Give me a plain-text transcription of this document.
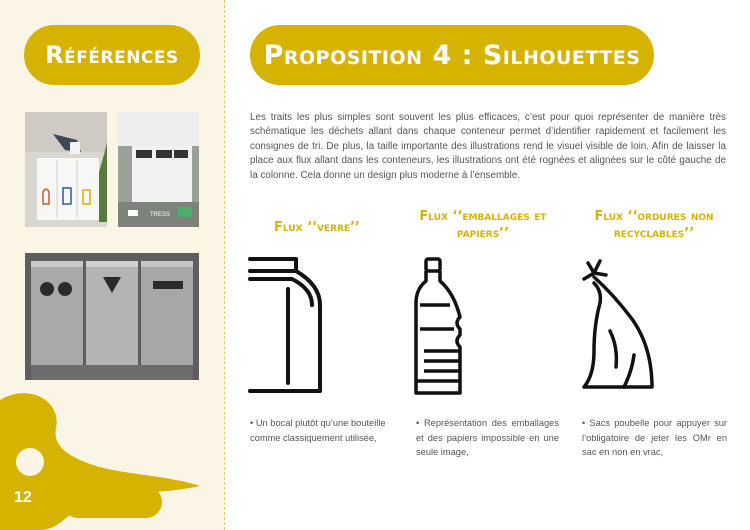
Références
TRESS
12
Proposition 4 : Silhouettes

Les traits les plus simples sont souvent les plus efficaces, c’est pour quoi représenter de manière très schématique les déchets allant dans chaque conteneur permet d’identifier rapidement et facilement les consignes de tri. De plus, la taille importante des illustrations rend le visuel visible de loin. Afin de laisser la place aux flux allant dans les conteneurs, les illustrations ont été rognées et alignées sur le côté gauche de la colonne. Cela donne un design plus moderne à l’ensemble.

Flux ‘‘verre’’
Flux ‘‘emballages et papiers’’
Flux ‘‘ordures non recyclables’’

• Un bocal plutôt qu’une bouteille comme classiquement utilisée,

• Représentation des emballages et des papiers impossible en une seule image,

• Sacs poubelle pour appuyer sur l’obligatoire de jeter les OMr en sac en non en vrac,
